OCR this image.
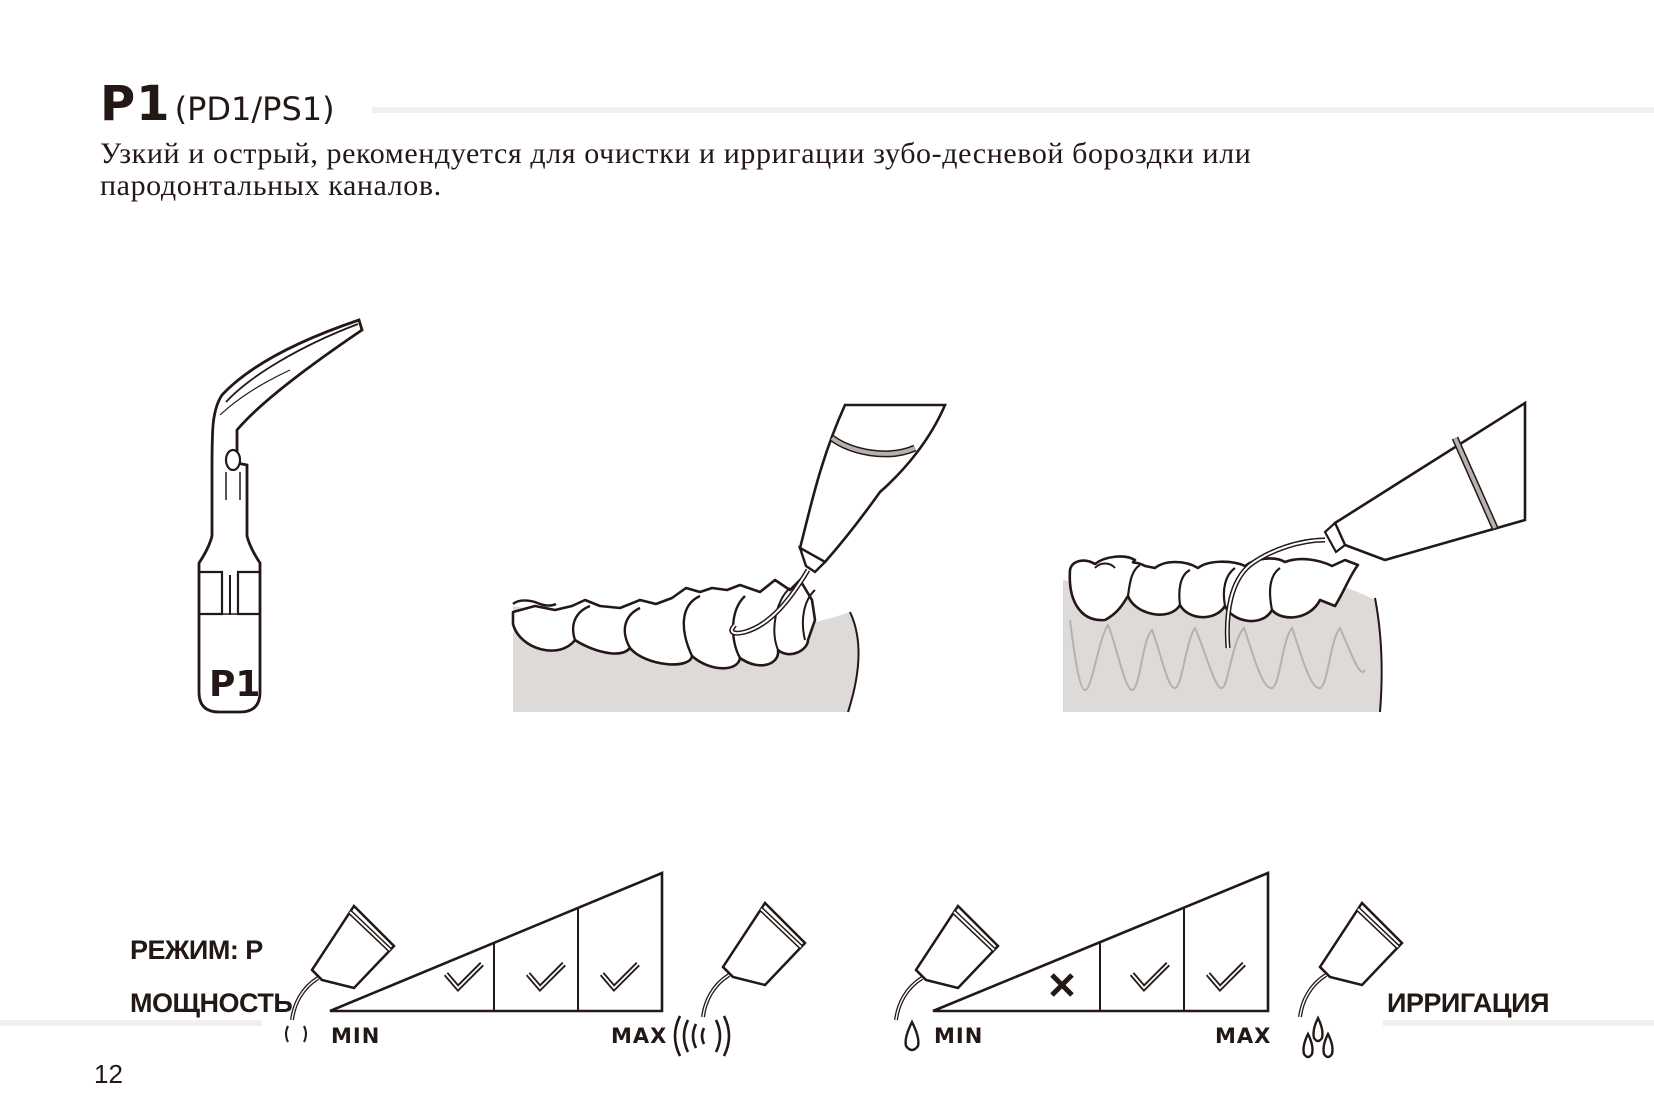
P1 (PD1/PS1)
Узкий и острый, рекомендуется для очистки и ирригации зубо-десневой бороздки или пародонтальных каналов.
P1
РЕЖИМ: P
МОЩНОСТЬ
MIN	MAX	MIN	MAX
ИРРИГАЦИЯ
12
